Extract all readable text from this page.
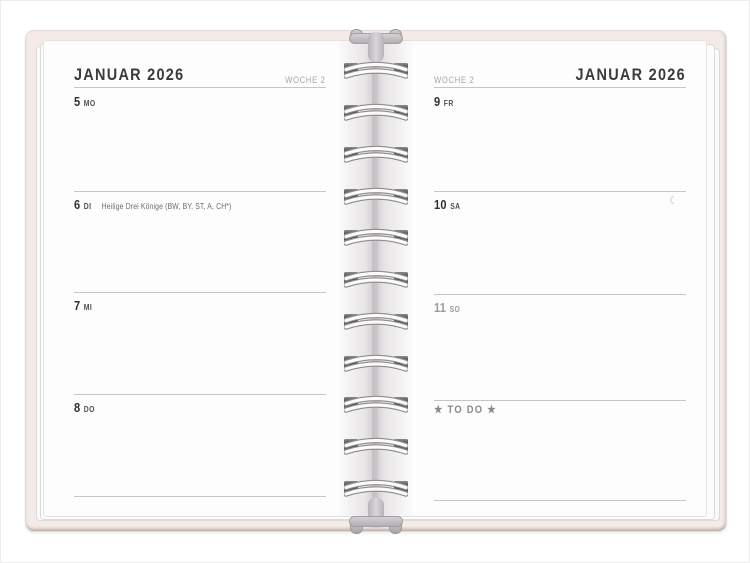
JANUAR 2026	WOCHE 2
5 MO
6 DI Heilige Drei Könige (BW, BY, ST, A, CH*)
7 MI
8 DO
WOCHE 2	JANUAR 2026
9 FR
10 SA	☾
11 SO
★ TO DO ★
